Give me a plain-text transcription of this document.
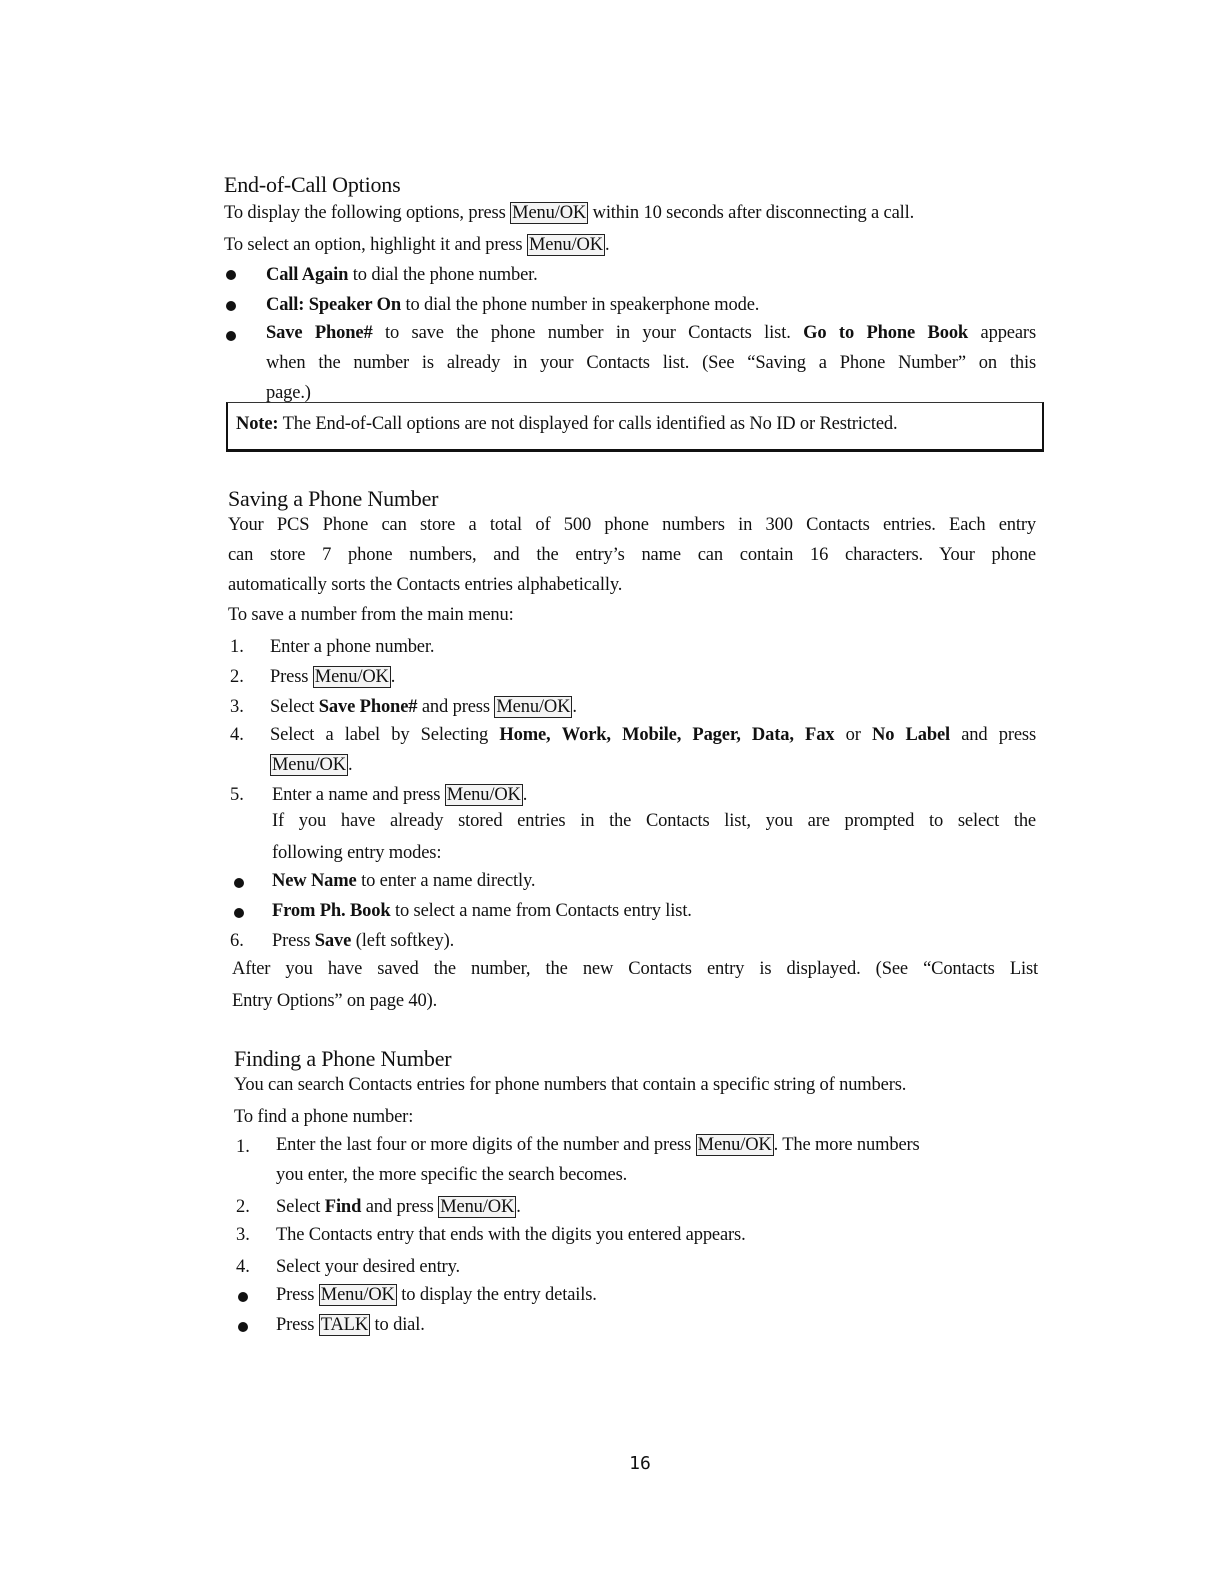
End-of-Call Options

To display the following options, press Menu/OK within 10 seconds after disconnecting a call.

To select an option, highlight it and press Menu/OK .

Call Again to dial the phone number.

Call: Speaker On to dial the phone number in speakerphone mode.

Save Phone# to save the phone number in your Contacts list. Go to Phone Book appears

when the number is already in your Contacts list. (See “Saving a Phone Number” on this

page.)

Note: The End-of-Call options are not displayed for calls identified as No ID or Restricted.

Saving a Phone Number

Your PCS Phone can store a total of 500 phone numbers in 300 Contacts entries. Each entry

can store 7 phone numbers, and the entry’s name can contain 16 characters. Your phone

automatically sorts the Contacts entries alphabetically.

To save a number from the main menu:

1. Enter a phone number.

2. Press Menu/OK .

3. Select Save Phone# and press Menu/OK .

4. Select a label by Selecting Home, Work, Mobile, Pager, Data, Fax or No Label and press

Menu/OK .

5. Enter a name and press Menu/OK .

If you have already stored entries in the Contacts list, you are prompted to select the

following entry modes:

New Name to enter a name directly.

From Ph. Book to select a name from Contacts entry list.

6. Press Save (left softkey).

After you have saved the number, the new Contacts entry is displayed. (See “Contacts List

Entry Options” on page 40).

Finding a Phone Number

You can search Contacts entries for phone numbers that contain a specific string of numbers.

To find a phone number:

1. Enter the last four or more digits of the number and press Menu/OK . The more numbers

you enter, the more specific the search becomes.

2. Select Find and press Menu/OK .

3. The Contacts entry that ends with the digits you entered appears.

4. Select your desired entry.

Press Menu/OK to display the entry details.

Press TALK to dial.

16
